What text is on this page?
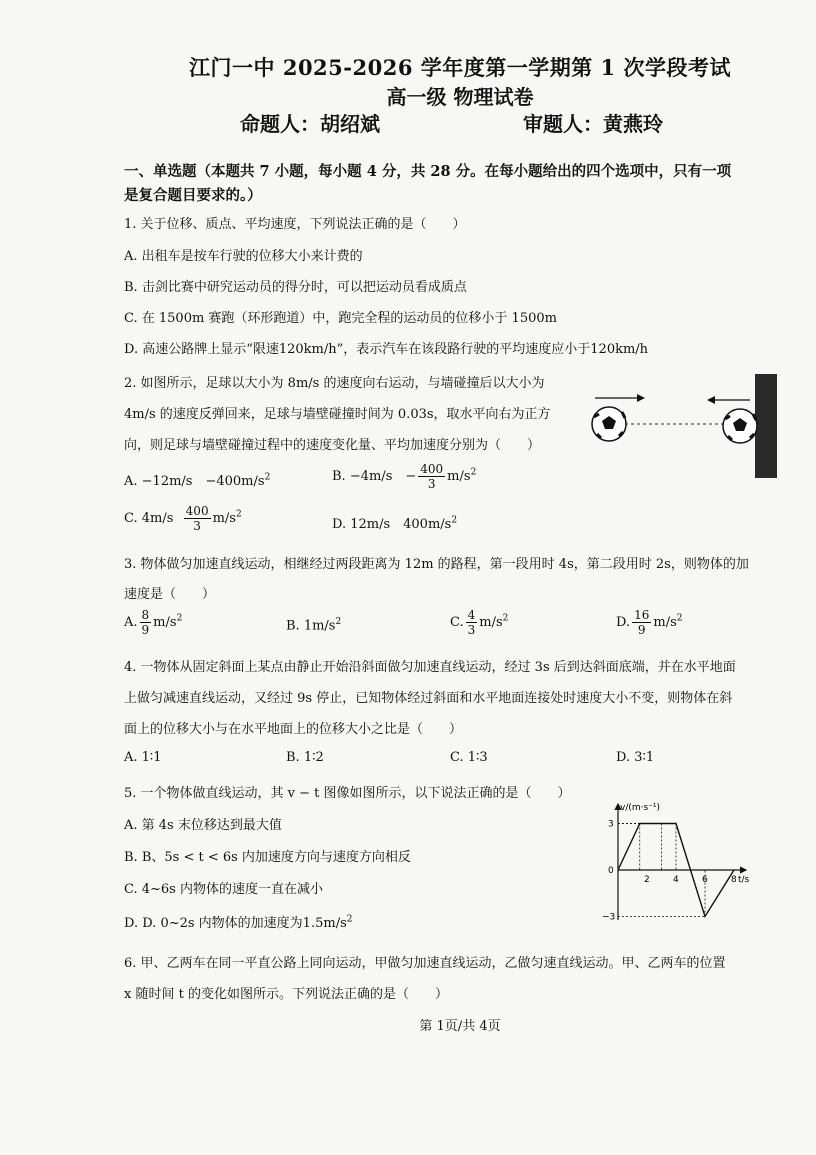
江门一中 2025-2026 学年度第一学期第 1 次学段考试
高一级 物理试卷
命题人：胡绍斌	审题人：黄燕玲
一、单选题（本题共 7 小题，每小题 4 分，共 28 分。在每小题给出的四个选项中，只有一项
是复合题目要求的。）
1. 关于位移、质点、平均速度，下列说法正确的是（　　）
A. 出租车是按车行驶的位移大小来计费的
B. 击剑比赛中研究运动员的得分时，可以把运动员看成质点
C. 在 1500m 赛跑（环形跑道）中，跑完全程的运动员的位移小于 1500m
D. 高速公路牌上显示“限速120km/h”，表示汽车在该段路行驶的平均速度应小于120km/h
2. 如图所示，足球以大小为 8m/s 的速度向右运动，与墙碰撞后以大小为
4m/s 的速度反弹回来，足球与墙壁碰撞时间为 0.03s，取水平向右为正方
向，则足球与墙壁碰撞过程中的速度变化量、平均加速度分别为（　　）
A. −12m/s　$-400m/s^2$	B. −4m/s　− $\frac{400}{3} m/s^2$
C. $4m/s \frac{400}{3} m/s^2$
D. 12m/s　$400m/s^2$
3. 物体做匀加速直线运动，相继经过两段距离为 12m 的路程，第一段用时 4s，第二段用时 2s，则物体的加
速度是（　　）
A. $\frac{8}{9} m/s^2$	B. $1m/s^2$	C. $\frac{4}{3} m/s^2$	D. $\frac{16}{9} m/s^2$
4. 一物体从固定斜面上某点由静止开始沿斜面做匀加速直线运动，经过 3s 后到达斜面底端，并在水平地面
上做匀减速直线运动，又经过 9s 停止，已知物体经过斜面和水平地面连接处时速度大小不变，则物体在斜
面上的位移大小与在水平地面上的位移大小之比是（　　）
A. 1∶1	B. 1∶2	C. 1∶3	D. 3∶1
5. 一个物体做直线运动，其 v − t 图像如图所示，以下说法正确的是（　　）
A. 第 4s 末位移达到最大值
B. B、5s < t < 6s 内加速度方向与速度方向相反
C. 4~6s 内物体的速度一直在减小
D. D. 0~2s 内物体的加速度为$1.5m/s^2$
v/(m·s⁻¹)
t/s
2	4	6	8
3
0
−3
6. 甲、乙两车在同一平直公路上同向运动，甲做匀加速直线运动，乙做匀速直线运动。甲、乙两车的位置
x 随时间 t 的变化如图所示。下列说法正确的是（　　）
第 1页/共 4页
